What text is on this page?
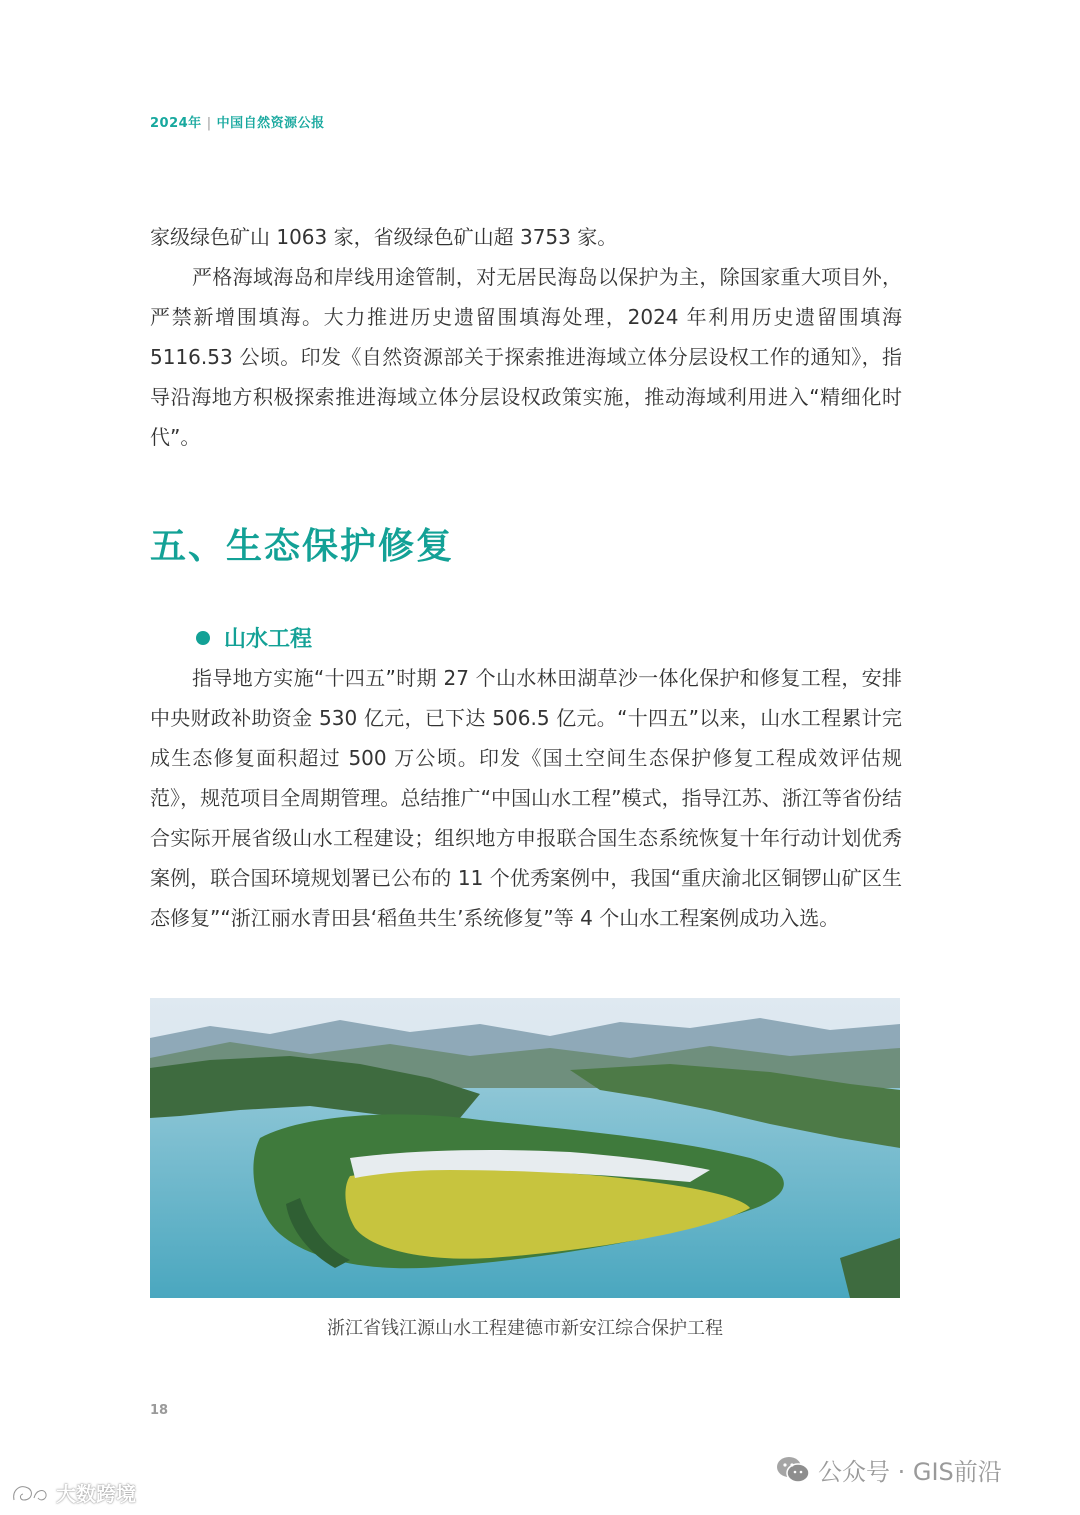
2024年 | 中国自然资源公报

家级绿色矿山 1063 家，省级绿色矿山超 3753 家。

严格海域海岛和岸线用途管制，对无居民海岛以保护为主，除国家重大项目外，严禁新增围填海。大力推进历史遗留围填海处理，2024 年利用历史遗留围填海 5116.53 公顷。印发《自然资源部关于探索推进海域立体分层设权工作的通知》，指导沿海地方积极探索推进海域立体分层设权政策实施，推动海域利用进入“精细化时代”。

五、生态保护修复
山水工程

指导地方实施“十四五”时期 27 个山水林田湖草沙一体化保护和修复工程，安排中央财政补助资金 530 亿元，已下达 506.5 亿元。“十四五”以来，山水工程累计完成生态修复面积超过 500 万公顷。印发《国土空间生态保护修复工程成效评估规范》，规范项目全周期管理。总结推广“中国山水工程”模式，指导江苏、浙江等省份结合实际开展省级山水工程建设；组织地方申报联合国生态系统恢复十年行动计划优秀案例，联合国环境规划署已公布的 11 个优秀案例中，我国“重庆渝北区铜锣山矿区生态修复”“浙江丽水青田县‘稻鱼共生’系统修复”等 4 个山水工程案例成功入选。

浙江省钱江源山水工程建德市新安江综合保护工程
18
公众号 · GIS前沿
大数跨境
